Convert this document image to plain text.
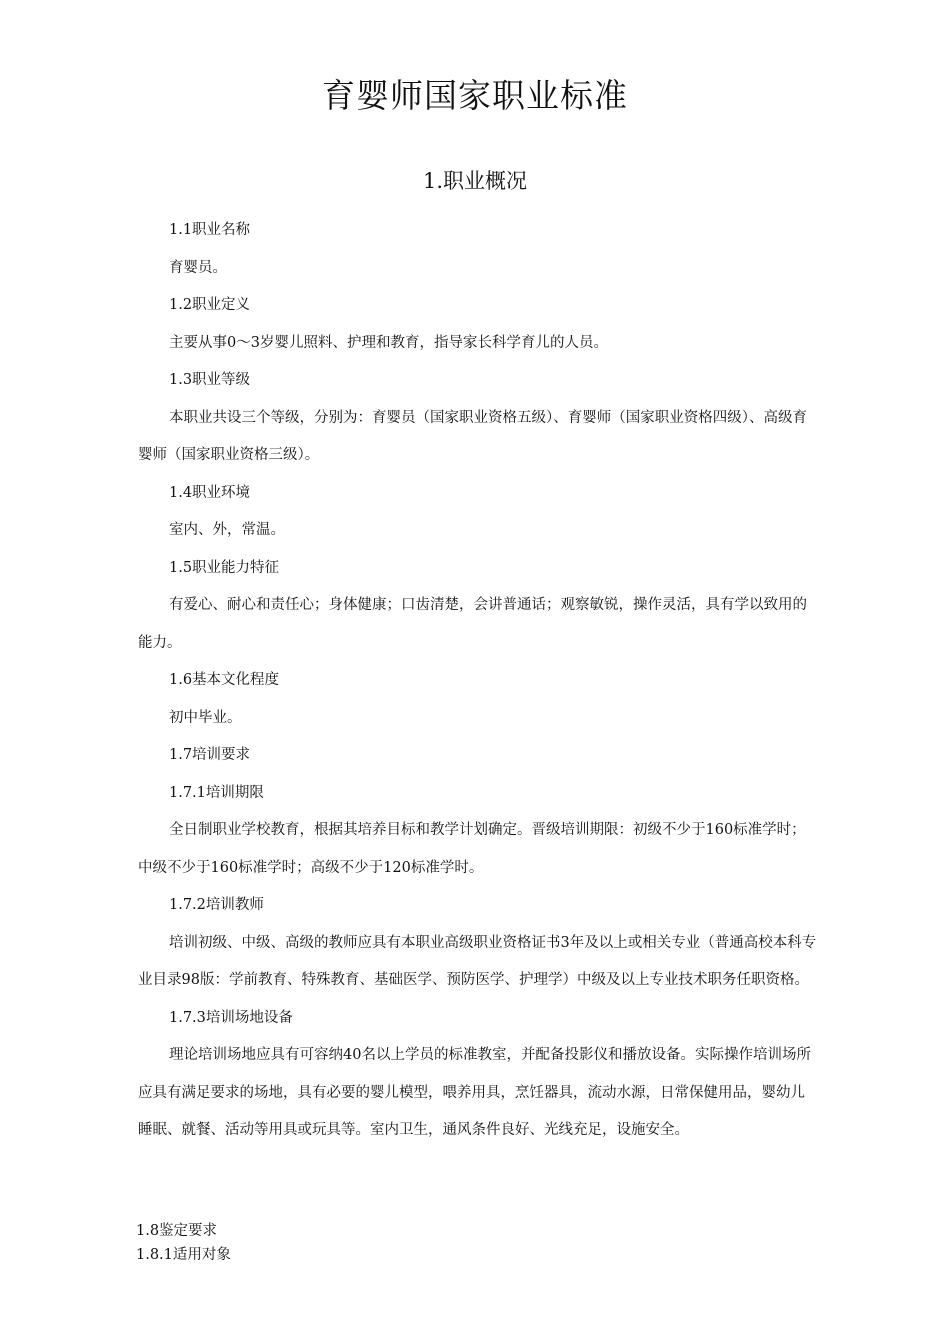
育婴师国家职业标准
1.职业概况

1.1职业名称

育婴员。

1.2职业定义

主要从事0～3岁婴儿照料、护理和教育，指导家长科学育儿的人员。

1.3职业等级

本职业共设三个等级，分别为：育婴员（国家职业资格五级）、育婴师（国家职业资格四级）、高级育婴师（国家职业资格三级）。

1.4职业环境

室内、外，常温。

1.5职业能力特征

有爱心、耐心和责任心；身体健康；口齿清楚，会讲普通话；观察敏锐，操作灵活，具有学以致用的能力。

1.6基本文化程度

初中毕业。

1.7培训要求

1.7.1培训期限

全日制职业学校教育，根据其培养目标和教学计划确定。晋级培训期限：初级不少于160标准学时；中级不少于160标准学时；高级不少于120标准学时。

1.7.2培训教师

培训初级、中级、高级的教师应具有本职业高级职业资格证书3年及以上或相关专业（普通高校本科专业目录98版：学前教育、特殊教育、基础医学、预防医学、护理学）中级及以上专业技术职务任职资格。

1.7.3培训场地设备

理论培训场地应具有可容纳40名以上学员的标准教室，并配备投影仪和播放设备。实际操作培训场所应具有满足要求的场地，具有必要的婴儿模型，喂养用具，烹饪器具，流动水源，日常保健用品，婴幼儿睡眠、就餐、活动等用具或玩具等。室内卫生，通风条件良好、光线充足，设施安全。

1.8鉴定要求
1.8.1适用对象
